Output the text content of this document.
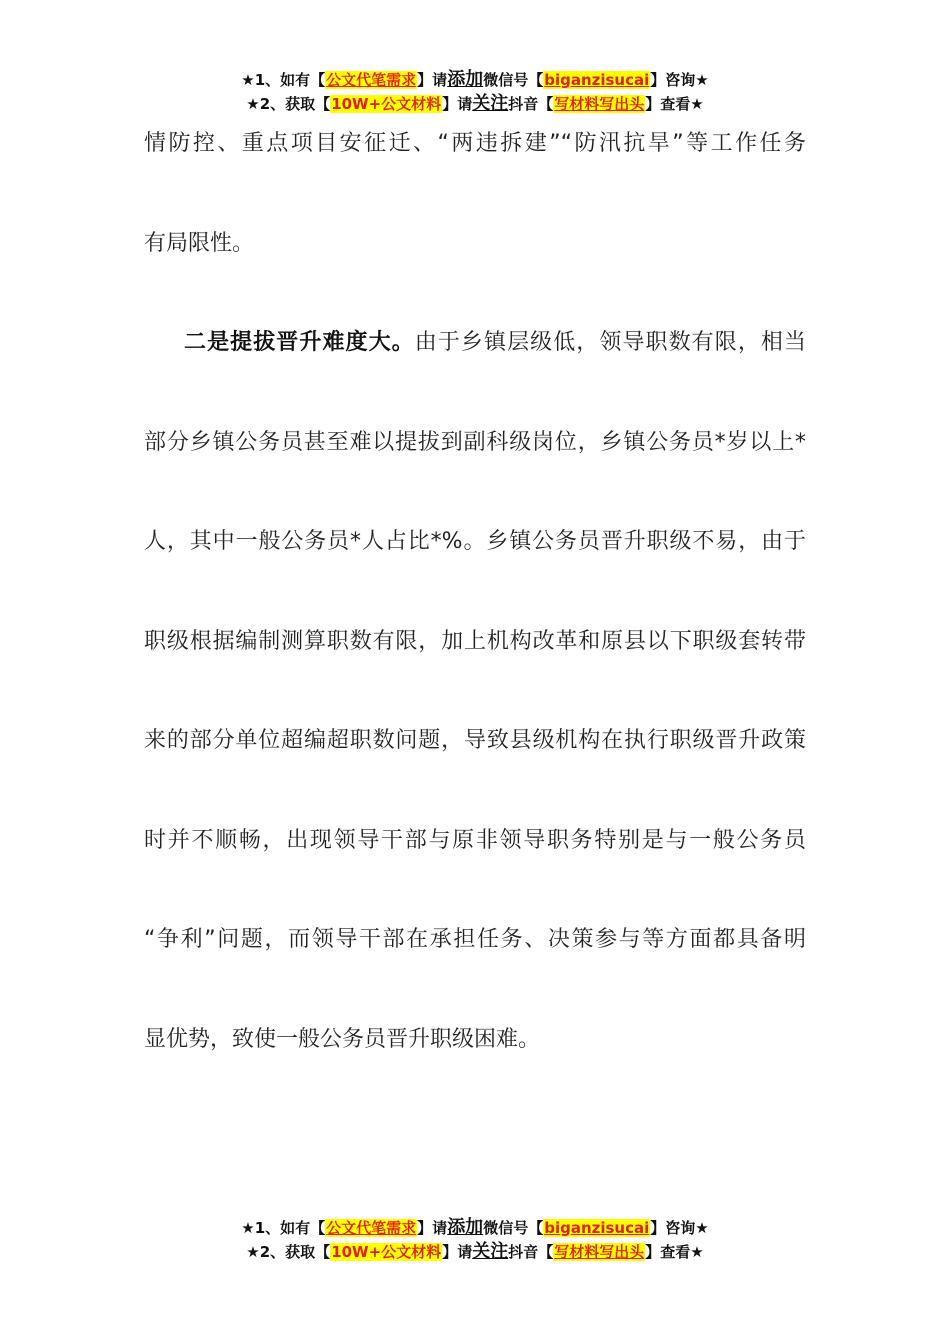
★1、如有【公文代笔需求】请添加微信号【biganzisucai】咨询★
★2、获取【10W+公文材料】请关注抖音【写材料写出头】查看★
情防控、重点项目安征迁、“两违拆建”“防汛抗旱”等工作任务
有局限性。
二是提拔晋升难度大。由于乡镇层级低，领导职数有限，相当
部分乡镇公务员甚至难以提拔到副科级岗位，乡镇公务员*岁以上*
人，其中一般公务员*人占比*%。乡镇公务员晋升职级不易，由于
职级根据编制测算职数有限，加上机构改革和原县以下职级套转带
来的部分单位超编超职数问题，导致县级机构在执行职级晋升政策
时并不顺畅，出现领导干部与原非领导职务特别是与一般公务员
“争利”问题，而领导干部在承担任务、决策参与等方面都具备明
显优势，致使一般公务员晋升职级困难。
★1、如有【公文代笔需求】请添加微信号【biganzisucai】咨询★
★2、获取【10W+公文材料】请关注抖音【写材料写出头】查看★
